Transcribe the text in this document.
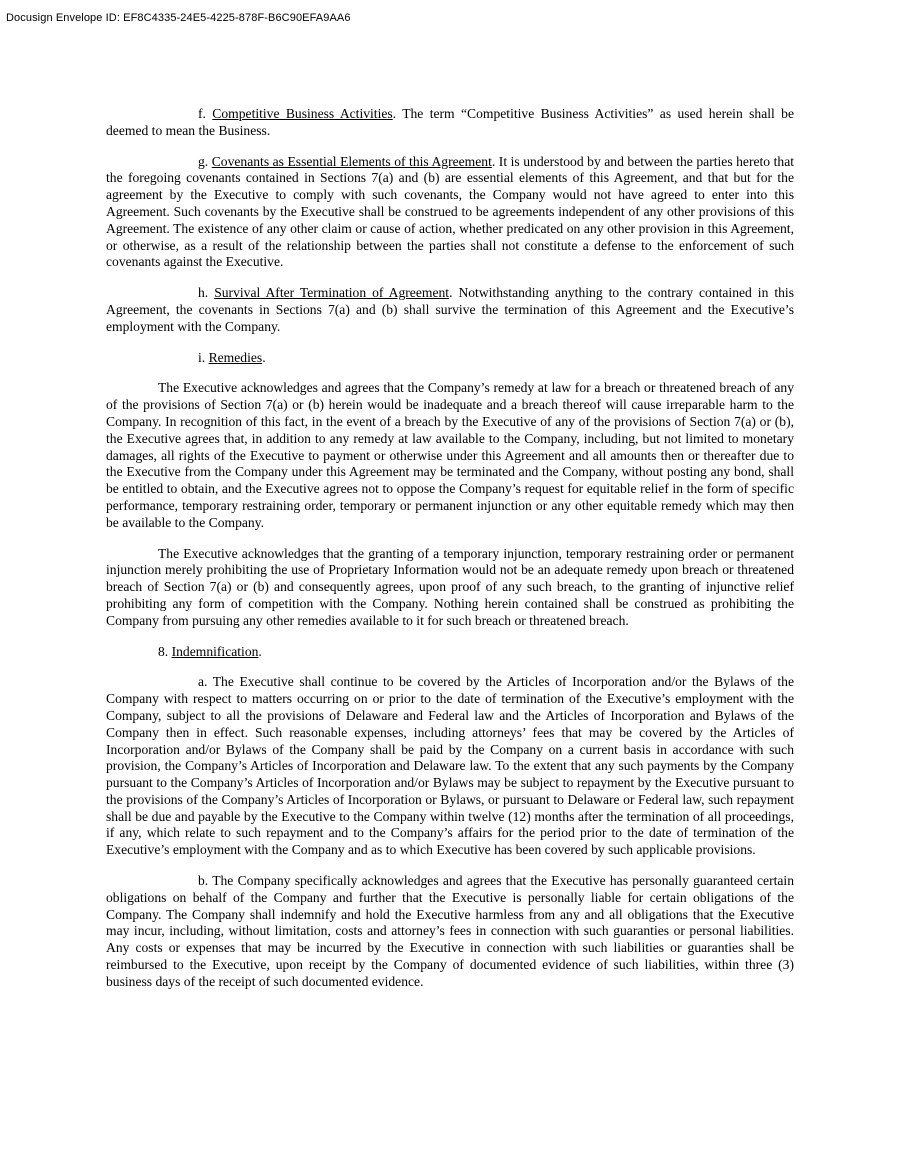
Docusign Envelope ID: EF8C4335-24E5-4225-878F-B6C90EFA9AA6

f. Competitive Business Activities. The term “Competitive Business Activities” as used herein shall be deemed to mean the Business.

g. Covenants as Essential Elements of this Agreement. It is understood by and between the parties hereto that the foregoing covenants contained in Sections 7(a) and (b) are essential elements of this Agreement, and that but for the agreement by the Executive to comply with such covenants, the Company would not have agreed to enter into this Agreement. Such covenants by the Executive shall be construed to be agreements independent of any other provisions of this Agreement. The existence of any other claim or cause of action, whether predicated on any other provision in this Agreement, or otherwise, as a result of the relationship between the parties shall not constitute a defense to the enforcement of such covenants against the Executive.

h. Survival After Termination of Agreement. Notwithstanding anything to the contrary contained in this Agreement, the covenants in Sections 7(a) and (b) shall survive the termination of this Agreement and the Executive’s employment with the Company.

i. Remedies.

The Executive acknowledges and agrees that the Company’s remedy at law for a breach or threatened breach of any of the provisions of Section 7(a) or (b) herein would be inadequate and a breach thereof will cause irreparable harm to the Company. In recognition of this fact, in the event of a breach by the Executive of any of the provisions of Section 7(a) or (b), the Executive agrees that, in addition to any remedy at law available to the Company, including, but not limited to monetary damages, all rights of the Executive to payment or otherwise under this Agreement and all amounts then or thereafter due to the Executive from the Company under this Agreement may be terminated and the Company, without posting any bond, shall be entitled to obtain, and the Executive agrees not to oppose the Company’s request for equitable relief in the form of specific performance, temporary restraining order, temporary or permanent injunction or any other equitable remedy which may then be available to the Company.

The Executive acknowledges that the granting of a temporary injunction, temporary restraining order or permanent injunction merely prohibiting the use of Proprietary Information would not be an adequate remedy upon breach or threatened breach of Section 7(a) or (b) and consequently agrees, upon proof of any such breach, to the granting of injunctive relief prohibiting any form of competition with the Company. Nothing herein contained shall be construed as prohibiting the Company from pursuing any other remedies available to it for such breach or threatened breach.

8. Indemnification.

a. The Executive shall continue to be covered by the Articles of Incorporation and/or the Bylaws of the Company with respect to matters occurring on or prior to the date of termination of the Executive’s employment with the Company, subject to all the provisions of Delaware and Federal law and the Articles of Incorporation and Bylaws of the Company then in effect. Such reasonable expenses, including attorneys’ fees that may be covered by the Articles of Incorporation and/or Bylaws of the Company shall be paid by the Company on a current basis in accordance with such provision, the Company’s Articles of Incorporation and Delaware law. To the extent that any such payments by the Company pursuant to the Company’s Articles of Incorporation and/or Bylaws may be subject to repayment by the Executive pursuant to the provisions of the Company’s Articles of Incorporation or Bylaws, or pursuant to Delaware or Federal law, such repayment shall be due and payable by the Executive to the Company within twelve (12) months after the termination of all proceedings, if any, which relate to such repayment and to the Company’s affairs for the period prior to the date of termination of the Executive’s employment with the Company and as to which Executive has been covered by such applicable provisions.

b. The Company specifically acknowledges and agrees that the Executive has personally guaranteed certain obligations on behalf of the Company and further that the Executive is personally liable for certain obligations of the Company. The Company shall indemnify and hold the Executive harmless from any and all obligations that the Executive may incur, including, without limitation, costs and attorney’s fees in connection with such guaranties or personal liabilities. Any costs or expenses that may be incurred by the Executive in connection with such liabilities or guaranties shall be reimbursed to the Executive, upon receipt by the Company of documented evidence of such liabilities, within three (3) business days of the receipt of such documented evidence.
